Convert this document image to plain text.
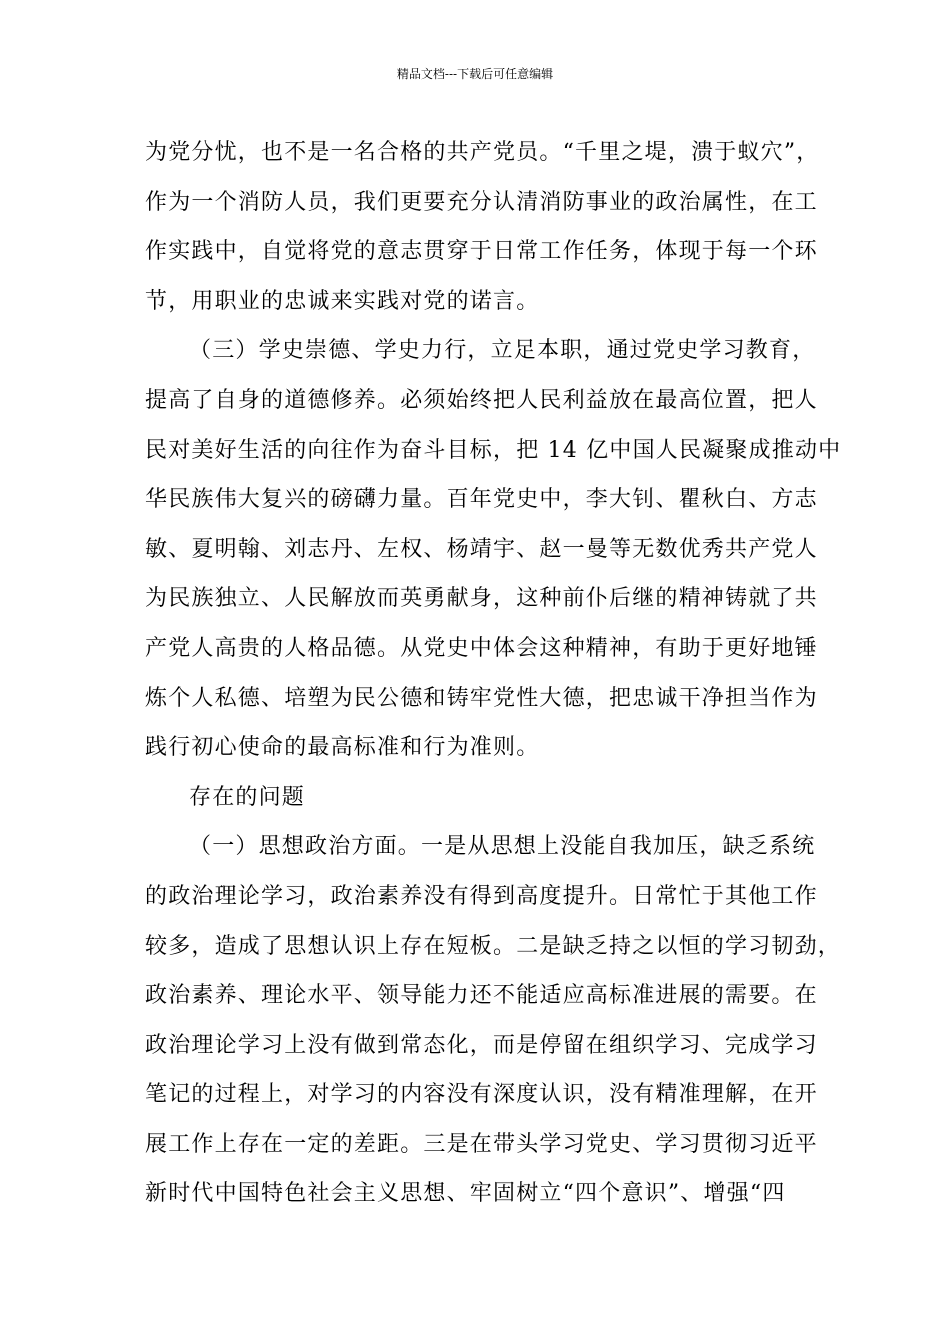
精品文档---下载后可任意编辑
为党分忧，也不是一名合格的共产党员。“千里之堤，溃于蚁穴”，
作为一个消防人员，我们更要充分认清消防事业的政治属性，在工
作实践中，自觉将党的意志贯穿于日常工作任务，体现于每一个环
节，用职业的忠诚来实践对党的诺言。
（三）学史崇德、学史力行，立足本职，通过党史学习教育，
提高了自身的道德修养。必须始终把人民利益放在最高位置，把人
民对美好生活的向往作为奋斗目标，把 14 亿中国人民凝聚成推动中
华民族伟大复兴的磅礴力量。百年党史中，李大钊、瞿秋白、方志
敏、夏明翰、刘志丹、左权、杨靖宇、赵一曼等无数优秀共产党人
为民族独立、人民解放而英勇献身，这种前仆后继的精神铸就了共
产党人高贵的人格品德。从党史中体会这种精神，有助于更好地锤
炼个人私德、培塑为民公德和铸牢党性大德，把忠诚干净担当作为
践行初心使命的最高标准和行为准则。
存在的问题
（一）思想政治方面。一是从思想上没能自我加压，缺乏系统
的政治理论学习，政治素养没有得到高度提升。日常忙于其他工作
较多，造成了思想认识上存在短板。二是缺乏持之以恒的学习韧劲，
政治素养、理论水平、领导能力还不能适应高标准进展的需要。在
政治理论学习上没有做到常态化，而是停留在组织学习、完成学习
笔记的过程上，对学习的内容没有深度认识，没有精准理解，在开
展工作上存在一定的差距。三是在带头学习党史、学习贯彻习近平
新时代中国特色社会主义思想、牢固树立“四个意识”、增强“四
